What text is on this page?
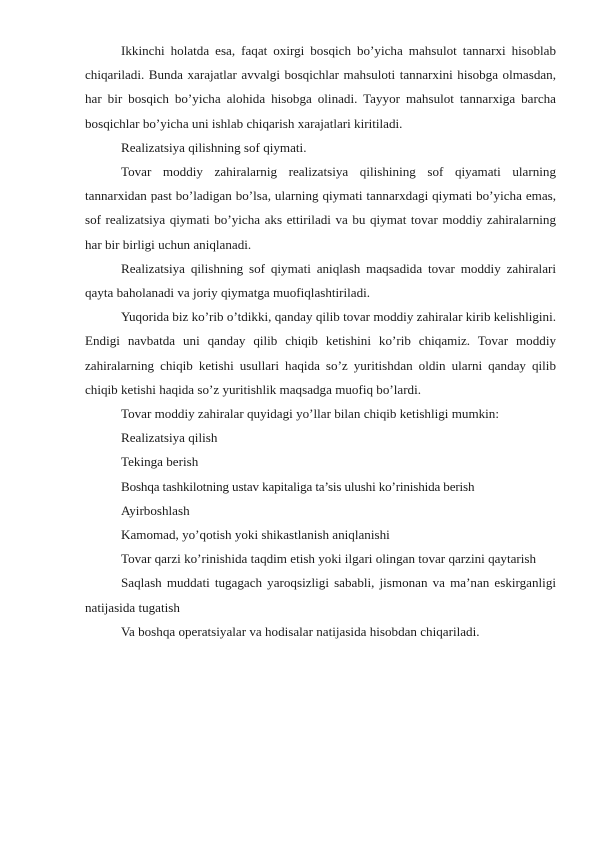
Ikkinchi holatda esa, faqat oxirgi bosqich bo’yicha mahsulot tannarxi hisoblab chiqariladi. Bunda xarajatlar avvalgi bosqichlar mahsuloti tannarxini hisobga olmasdan, har bir bosqich bo’yicha alohida hisobga olinadi. Tayyor mahsulot tannarxiga barcha bosqichlar bo’yicha uni ishlab chiqarish xarajatlari kiritiladi.

Realizatsiya qilishning sof qiymati.

Tovar moddiy zahiralarnig realizatsiya qilishining sof qiyamati ularning tannarxidan past bo’ladigan bo’lsa, ularning qiymati tannarxdagi qiymati bo’yicha emas, sof realizatsiya qiymati bo’yicha aks ettiriladi va bu qiymat tovar moddiy zahiralarning har bir birligi uchun aniqlanadi.

Realizatsiya qilishning sof qiymati aniqlash maqsadida tovar moddiy zahiralari qayta baholanadi va joriy qiymatga muofiqlashtiriladi.

Yuqorida biz ko’rib o’tdikki, qanday qilib tovar moddiy zahiralar kirib kelishligini. Endigi navbatda uni qanday qilib chiqib ketishini ko’rib chiqamiz. Tovar moddiy zahiralarning chiqib ketishi usullari haqida so’z yuritishdan oldin ularni qanday qilib chiqib ketishi haqida so’z yuritishlik maqsadga muofiq bo’lardi.

Tovar moddiy zahiralar quyidagi yo’llar bilan chiqib ketishligi mumkin:

Realizatsiya qilish

Tekinga berish

Boshqa tashkilotning ustav kapitaliga ta’sis ulushi ko’rinishida berish

Ayirboshlash

Kamomad, yo’qotish yoki shikastlanish aniqlanishi

Tovar qarzi ko’rinishida taqdim etish yoki ilgari olingan tovar qarzini qaytarish

Saqlash muddati tugagach yaroqsizligi sababli, jismonan va ma’nan eskirganligi natijasida tugatish

Va boshqa operatsiyalar va hodisalar natijasida hisobdan chiqariladi.
